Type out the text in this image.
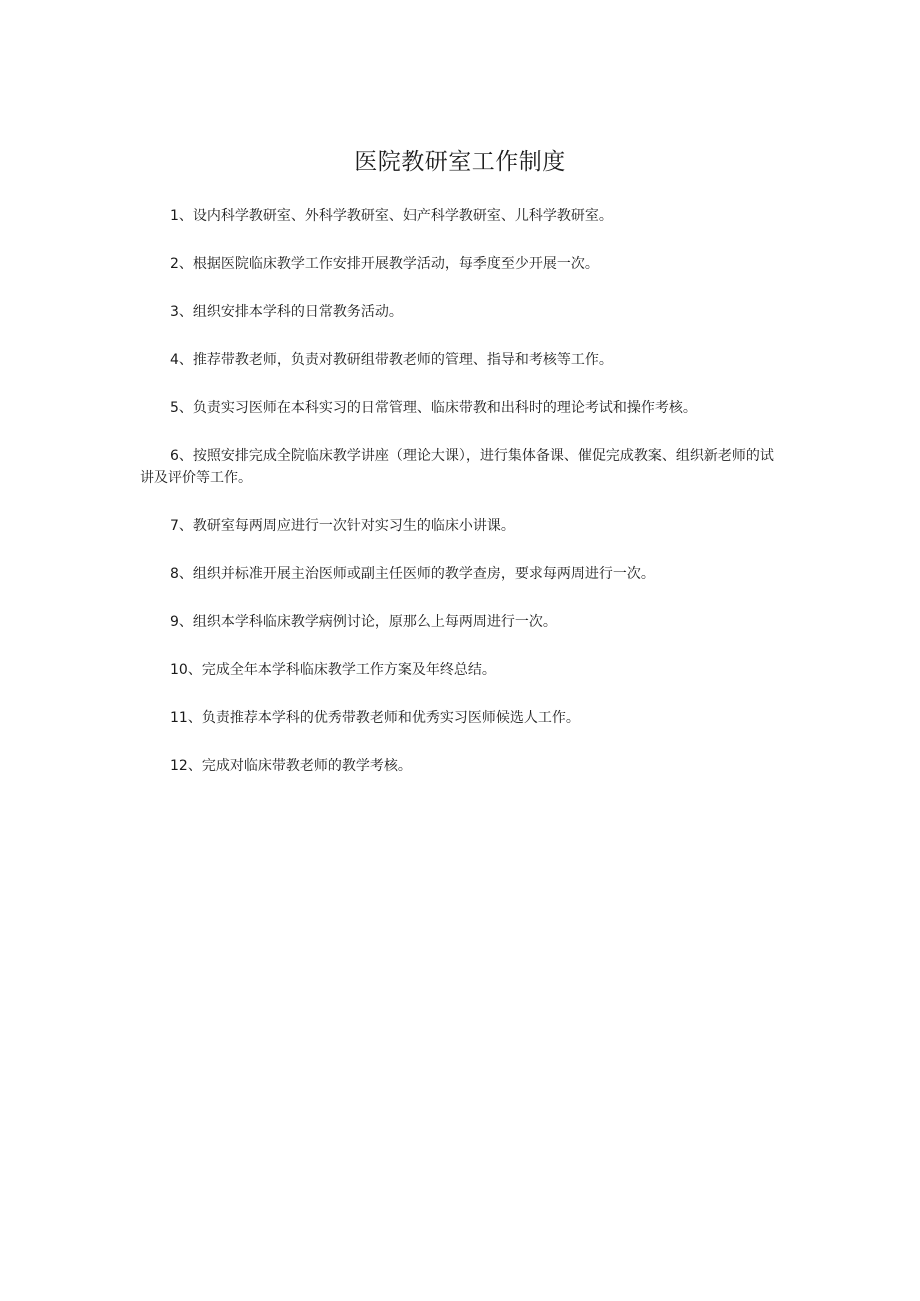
医院教研室工作制度
1、设内科学教研室、外科学教研室、妇产科学教研室、儿科学教研室。
2、根据医院临床教学工作安排开展教学活动，每季度至少开展一次。
3、组织安排本学科的日常教务活动。
4、推荐带教老师，负责对教研组带教老师的管理、指导和考核等工作。
5、负责实习医师在本科实习的日常管理、临床带教和出科时的理论考试和操作考核。
6、按照安排完成全院临床教学讲座（理论大课），进行集体备课、催促完成教案、组织新老师的试讲及评价等工作。
7、教研室每两周应进行一次针对实习生的临床小讲课。
8、组织并标准开展主治医师或副主任医师的教学查房，要求每两周进行一次。
9、组织本学科临床教学病例讨论，原那么上每两周进行一次。
10、完成全年本学科临床教学工作方案及年终总结。
11、负责推荐本学科的优秀带教老师和优秀实习医师候选人工作。
12、完成对临床带教老师的教学考核。
